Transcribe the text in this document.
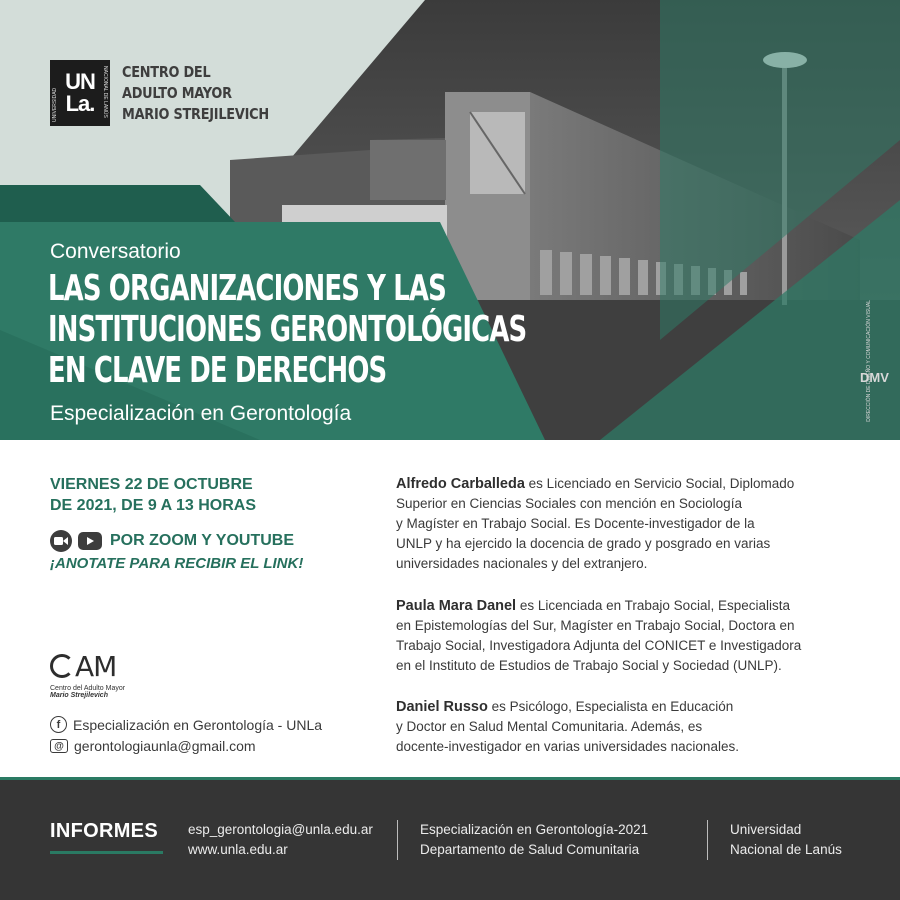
DMV
UNIVERSIDAD	NACIONAL DE LANÚS
UN
La.
CENTRO DEL
ADULTO MAYOR
MARIO STREJILEVICH
Conversatorio
LAS ORGANIZACIONES Y LAS
INSTITUCIONES GERONTOLÓGICAS
EN CLAVE DE DERECHOS
Especialización en Gerontología	DIRECCIÓN DE DISEÑO Y COMUNICACIÓN VISUAL
VIERNES 22 DE OCTUBRE
DE 2021, DE 9 A 13 HORAS
POR ZOOM Y YOUTUBE
¡ANOTATE PARA RECIBIR EL LINK!
AM
Centro del Adulto Mayor
Mario Strejilevich
f Especialización en Gerontología - UNLa
@ gerontologiaunla@gmail.com
Alfredo Carballeda es Licenciado en Servicio Social, Diplomado
Superior en Ciencias Sociales con mención en Sociología
y Magíster en Trabajo Social. Es Docente-investigador de la
UNLP y ha ejercido la docencia de grado y posgrado en varias
universidades nacionales y del extranjero.
Paula Mara Danel es Licenciada en Trabajo Social, Especialista
en Epistemologías del Sur, Magíster en Trabajo Social, Doctora en
Trabajo Social, Investigadora Adjunta del CONICET e Investigadora
en el Instituto de Estudios de Trabajo Social y Sociedad (UNLP).
Daniel Russo es Psicólogo, Especialista en Educación
y Doctor en Salud Mental Comunitaria. Además, es
docente-investigador en varias universidades nacionales.
INFORMES esp_gerontologia@unla.edu.ar
www.unla.edu.ar
Especialización en Gerontología-2021
Departamento de Salud Comunitaria
Universidad
Nacional de Lanús
